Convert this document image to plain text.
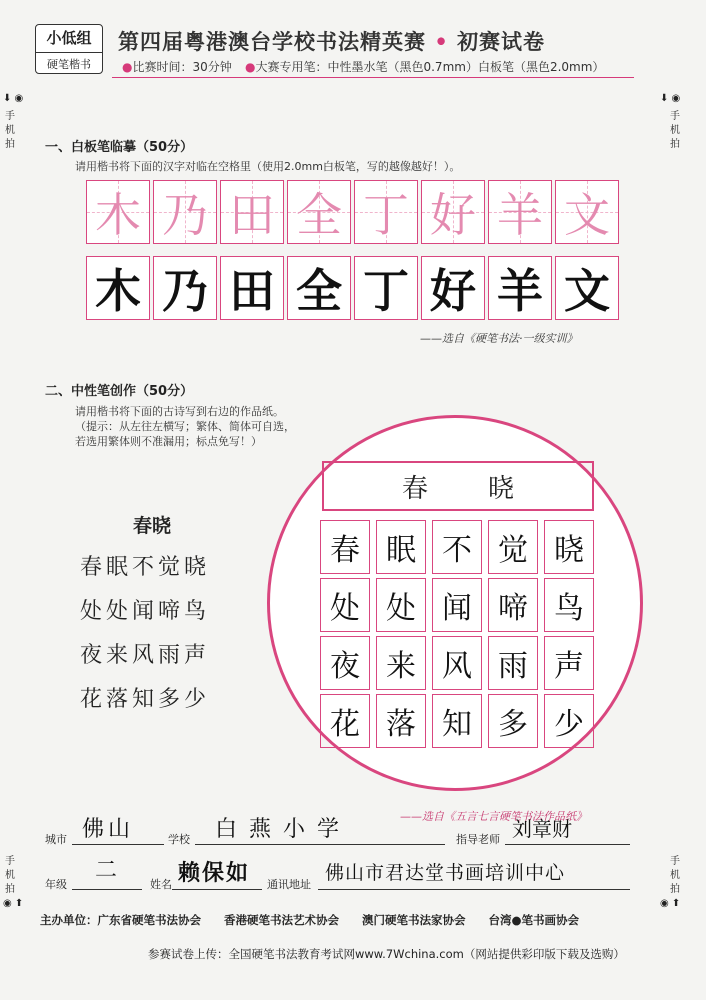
小低组
硬笔楷书
第四届粤港澳台学校书法精英赛 • 初赛试卷
●比赛时间：30分钟 ●大赛专用笔：中性墨水笔（黑色0.7mm）白板笔（黑色2.0mm）
⬇ ◉
手机拍
⬇ ◉
手机拍
手机拍
◉ ⬆
手机拍
◉ ⬆
一、白板笔临摹（50分）
请用楷书将下面的汉字对临在空格里（使用2.0mm白板笔，写的越像越好！）。
木 乃 田 全 丁 好 羊 文
木 乃 田 全 丁 好 羊 文
——选自《硬笔书法·一级实训》
二、中性笔创作（50分）
请用楷书将下面的古诗写到右边的作品纸。
（提示：从左往左横写；繁体、简体可自选，
若选用繁体则不准漏用；标点免写！）
春晓
春眠不觉晓
处处闻啼鸟
夜来风雨声
花落知多少
春晓
春 眠 不 觉 晓
处 处 闻 啼 鸟
夜 来 风 雨 声
花 落 知 多 少
——选自《五言七言硬笔书法作品纸》
城市 佛山	学校 白燕小学	指导老师 刘章财
年级
二
姓名 赖保如 通讯地址
佛山市君达堂书画培训中心
主办单位：广东省硬笔书法协会　　香港硬笔书法艺术协会　　澳门硬笔书法家协会　　台湾●笔书画协会
参赛试卷上传：全国硬笔书法教育考试网www.7Wchina.com（网站提供彩印版下载及选购）
